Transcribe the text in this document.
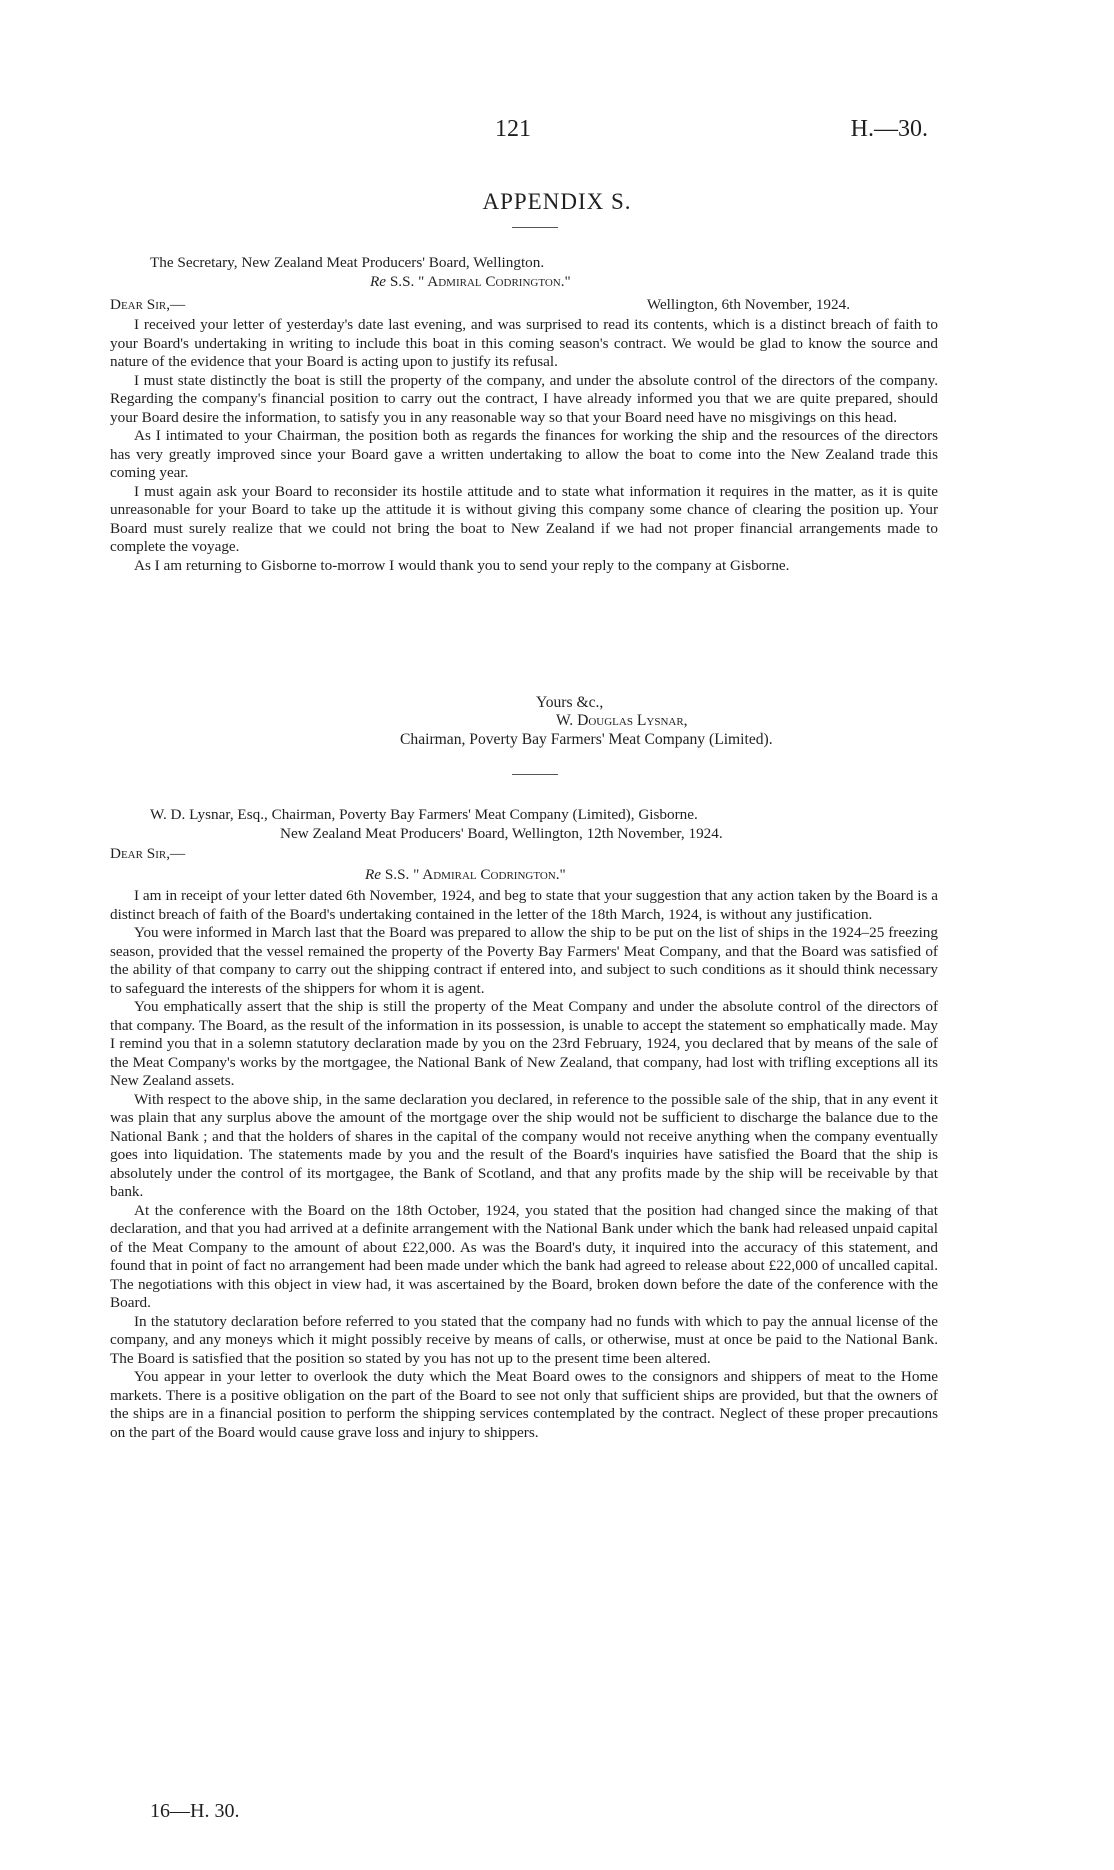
121	H.—30.
APPENDIX S.
The Secretary, New Zealand Meat Producers' Board, Wellington.
Re S.S. " Admiral Codrington."
Dear Sir,—	Wellington, 6th November, 1924.

I received your letter of yesterday's date last evening, and was surprised to read its contents, which is a distinct breach of faith to your Board's undertaking in writing to include this boat in this coming season's contract. We would be glad to know the source and nature of the evidence that your Board is acting upon to justify its refusal.

I must state distinctly the boat is still the property of the company, and under the absolute control of the directors of the company. Regarding the company's financial position to carry out the contract, I have already informed you that we are quite prepared, should your Board desire the information, to satisfy you in any reasonable way so that your Board need have no misgivings on this head.

As I intimated to your Chairman, the position both as regards the finances for working the ship and the resources of the directors has very greatly improved since your Board gave a written undertaking to allow the boat to come into the New Zealand trade this coming year.

I must again ask your Board to reconsider its hostile attitude and to state what information it requires in the matter, as it is quite unreasonable for your Board to take up the attitude it is without giving this company some chance of clearing the position up. Your Board must surely realize that we could not bring the boat to New Zealand if we had not proper financial arrangements made to complete the voyage.

As I am returning to Gisborne to-morrow I would thank you to send your reply to the company at Gisborne.

Yours &c.,
W. Douglas Lysnar,
Chairman, Poverty Bay Farmers' Meat Company (Limited).
W. D. Lysnar, Esq., Chairman, Poverty Bay Farmers' Meat Company (Limited), Gisborne.
New Zealand Meat Producers' Board, Wellington, 12th November, 1924.
Dear Sir,—
Re S.S. " Admiral Codrington."

I am in receipt of your letter dated 6th November, 1924, and beg to state that your suggestion that any action taken by the Board is a distinct breach of faith of the Board's undertaking contained in the letter of the 18th March, 1924, is without any justification.

You were informed in March last that the Board was prepared to allow the ship to be put on the list of ships in the 1924–25 freezing season, provided that the vessel remained the property of the Poverty Bay Farmers' Meat Company, and that the Board was satisfied of the ability of that company to carry out the shipping contract if entered into, and subject to such conditions as it should think necessary to safeguard the interests of the shippers for whom it is agent.

You emphatically assert that the ship is still the property of the Meat Company and under the absolute control of the directors of that company. The Board, as the result of the information in its possession, is unable to accept the statement so emphatically made. May I remind you that in a solemn statutory declaration made by you on the 23rd February, 1924, you declared that by means of the sale of the Meat Company's works by the mortgagee, the National Bank of New Zealand, that company, had lost with trifling exceptions all its New Zealand assets.

With respect to the above ship, in the same declaration you declared, in reference to the possible sale of the ship, that in any event it was plain that any surplus above the amount of the mortgage over the ship would not be sufficient to discharge the balance due to the National Bank ; and that the holders of shares in the capital of the company would not receive anything when the company eventually goes into liquidation. The statements made by you and the result of the Board's inquiries have satisfied the Board that the ship is absolutely under the control of its mortgagee, the Bank of Scotland, and that any profits made by the ship will be receivable by that bank.

At the conference with the Board on the 18th October, 1924, you stated that the position had changed since the making of that declaration, and that you had arrived at a definite arrangement with the National Bank under which the bank had released unpaid capital of the Meat Company to the amount of about £22,000. As was the Board's duty, it inquired into the accuracy of this statement, and found that in point of fact no arrangement had been made under which the bank had agreed to release about £22,000 of uncalled capital. The negotiations with this object in view had, it was ascertained by the Board, broken down before the date of the conference with the Board.

In the statutory declaration before referred to you stated that the company had no funds with which to pay the annual license of the company, and any moneys which it might possibly receive by means of calls, or otherwise, must at once be paid to the National Bank. The Board is satisfied that the position so stated by you has not up to the present time been altered.

You appear in your letter to overlook the duty which the Meat Board owes to the consignors and shippers of meat to the Home markets. There is a positive obligation on the part of the Board to see not only that sufficient ships are provided, but that the owners of the ships are in a financial position to perform the shipping services contemplated by the contract. Neglect of these proper precautions on the part of the Board would cause grave loss and injury to shippers.

16—H. 30.
